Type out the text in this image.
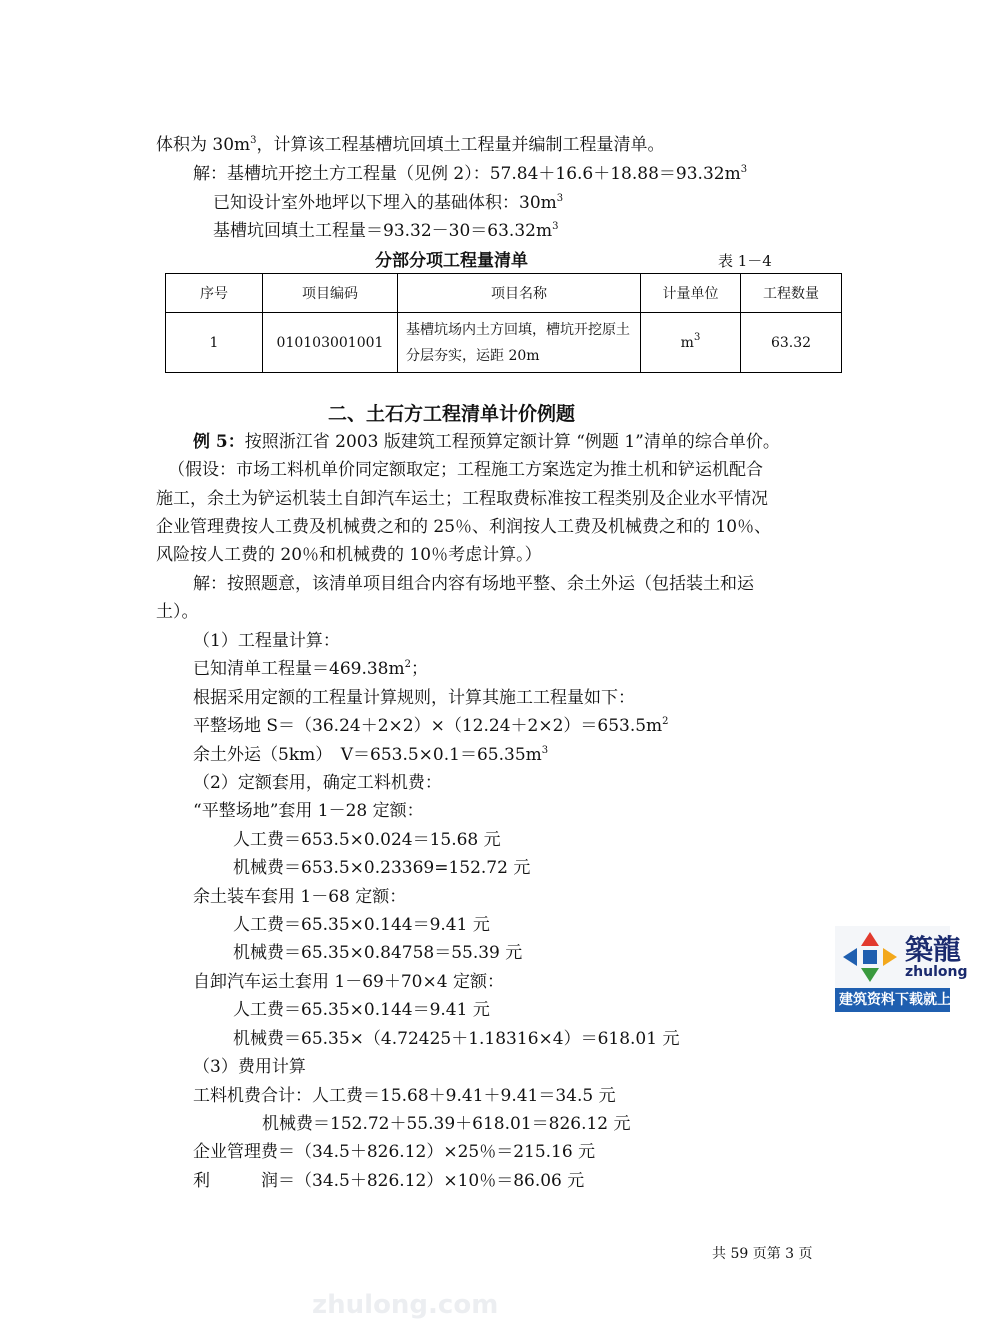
体积为 $30m^3$，计算该工程基槽坑回填土工程量并编制工程量清单。
解：基槽坑开挖土方工程量（见例 2）：$57.84+16.6+18.88=93.32m^3$
已知设计室外地坪以下埋入的基础体积：$30m^3$
基槽坑回填土工程量$=93.32-30=63.32m^3$
分部分项工程量清单	表 1－4
序号	项目编码	项目名称	计量单位	工程数量
1	010103001001	基槽坑场内土方回填，槽坑开挖原土分层夯实，运距 20m	$m^3$	63.32
二、土石方工程清单计价例题
例 5：按照浙江省 2003 版建筑工程预算定额计算 “例题 1”清单的综合单价。
（假设：市场工料机单价同定额取定；工程施工方案选定为推土机和铲运机配合
施工，余土为铲运机装土自卸汽车运土；工程取费标准按工程类别及企业水平情况
企业管理费按人工费及机械费之和的 25％、利润按人工费及机械费之和的 10％、
风险按人工费的 20％和机械费的 10％考虑计算。）
解：按照题意，该清单项目组合内容有场地平整、余土外运（包括装土和运
土）。
（1）工程量计算：
已知清单工程量$=469.38m^2$；
根据采用定额的工程量计算规则，计算其施工工程量如下：
平整场地 $S=(36.24+2\times 2)\times(12.24+2\times 2)=653.5m^2$
余土外运（5km）　$V=653.5\times 0.1=65.35m^3$
（2）定额套用，确定工料机费：
“平整场地”套用 1－28 定额：
人工费＝653.5×0.024＝15.68 元
机械费＝653.5×0.23369=152.72 元
余土装车套用 1－68 定额：
人工费＝65.35×0.144＝9.41 元
机械费＝65.35×0.84758＝55.39 元
自卸汽车运土套用 1－69＋70×4 定额：
人工费＝65.35×0.144＝9.41 元
机械费＝65.35×（4.72425＋1.18316×4）＝618.01 元
（3）费用计算
工料机费合计：人工费＝15.68＋9.41＋9.41＝34.5 元
机械费＝152.72＋55.39＋618.01＝826.12 元
企业管理费＝（34.5＋826.12）×25％＝215.16 元
利　　　润＝（34.5＋826.12）×10％＝86.06 元
共 59 页第 3 页
築龍
zhulong
建筑资料下载就上筑龙网
zhulong.com
